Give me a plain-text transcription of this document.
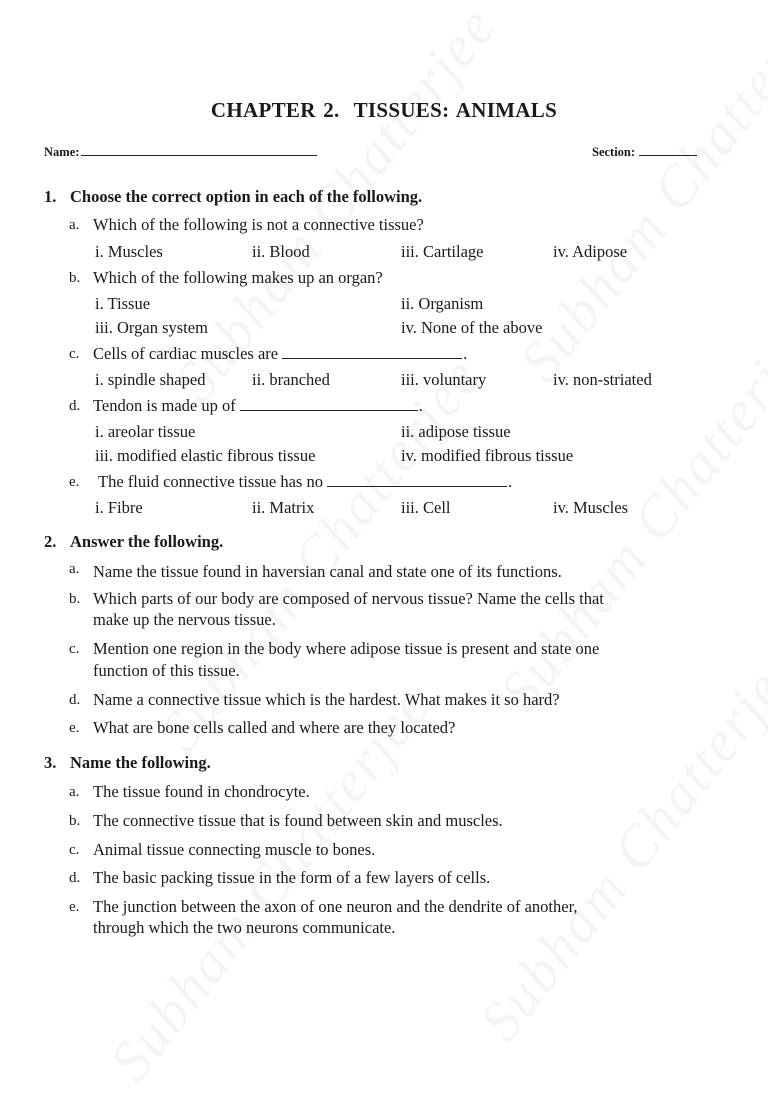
CHAPTER 2. TISSUES: ANIMALS
Name:	Section:
1. Choose the correct option in each of the following.
a. Which of the following is not a connective tissue?
i. Muscles	ii. Blood	iii. Cartilage	iv. Adipose
b. Which of the following makes up an organ?
i. Tissue	ii. Organism
iii. Organ system	iv. None of the above
c. Cells of cardiac muscles are	.
i. spindle shaped	ii. branched	iii. voluntary	iv. non-striated
d. Tendon is made up of	.
i. areolar tissue	ii. adipose tissue
iii. modified elastic fibrous tissue	iv. modified fibrous tissue
e. The fluid connective tissue has no	.
i. Fibre	ii. Matrix	iii. Cell	iv. Muscles
2. Answer the following.
a. Name the tissue found in haversian canal and state one of its functions.
b. Which parts of our body are composed of nervous tissue? Name the cells that
make up the nervous tissue.
c. Mention one region in the body where adipose tissue is present and state one
function of this tissue.
d. Name a connective tissue which is the hardest. What makes it so hard?
e. What are bone cells called and where are they located?
3. Name the following.
a. The tissue found in chondrocyte.
b. The connective tissue that is found between skin and muscles.
c. Animal tissue connecting muscle to bones.
d. The basic packing tissue in the form of a few layers of cells.
e. The junction between the axon of one neuron and the dendrite of another,
through which the two neurons communicate.
